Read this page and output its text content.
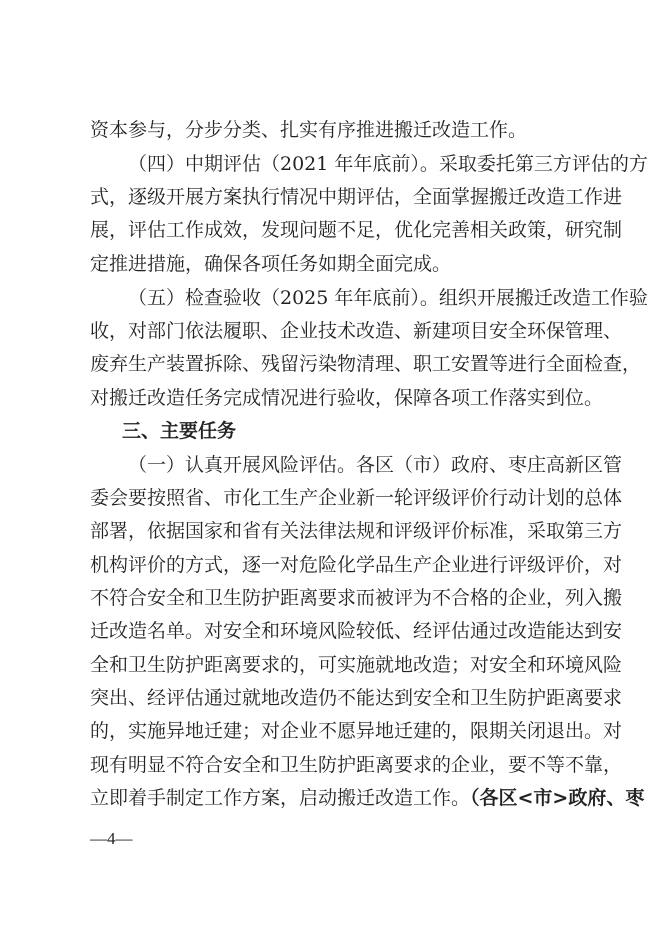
资本参与，分步分类、扎实有序推进搬迁改造工作。
（四）中期评估（2021 年年底前）。采取委托第三方评估的方
式，逐级开展方案执行情况中期评估，全面掌握搬迁改造工作进
展，评估工作成效，发现问题不足，优化完善相关政策，研究制
定推进措施，确保各项任务如期全面完成。
（五）检查验收（2025 年年底前）。组织开展搬迁改造工作验
收，对部门依法履职、企业技术改造、新建项目安全环保管理、
废弃生产装置拆除、残留污染物清理、职工安置等进行全面检查，
对搬迁改造任务完成情况进行验收，保障各项工作落实到位。
三、主要任务
（一）认真开展风险评估。各区（市）政府、枣庄高新区管
委会要按照省、市化工生产企业新一轮评级评价行动计划的总体
部署，依据国家和省有关法律法规和评级评价标准，采取第三方
机构评价的方式，逐一对危险化学品生产企业进行评级评价，对
不符合安全和卫生防护距离要求而被评为不合格的企业，列入搬
迁改造名单。对安全和环境风险较低、经评估通过改造能达到安
全和卫生防护距离要求的，可实施就地改造；对安全和环境风险
突出、经评估通过就地改造仍不能达到安全和卫生防护距离要求
的，实施异地迁建；对企业不愿异地迁建的，限期关闭退出。对
现有明显不符合安全和卫生防护距离要求的企业，要不等不靠，
立即着手制定工作方案，启动搬迁改造工作。（各区<市>政府、枣
—4—
